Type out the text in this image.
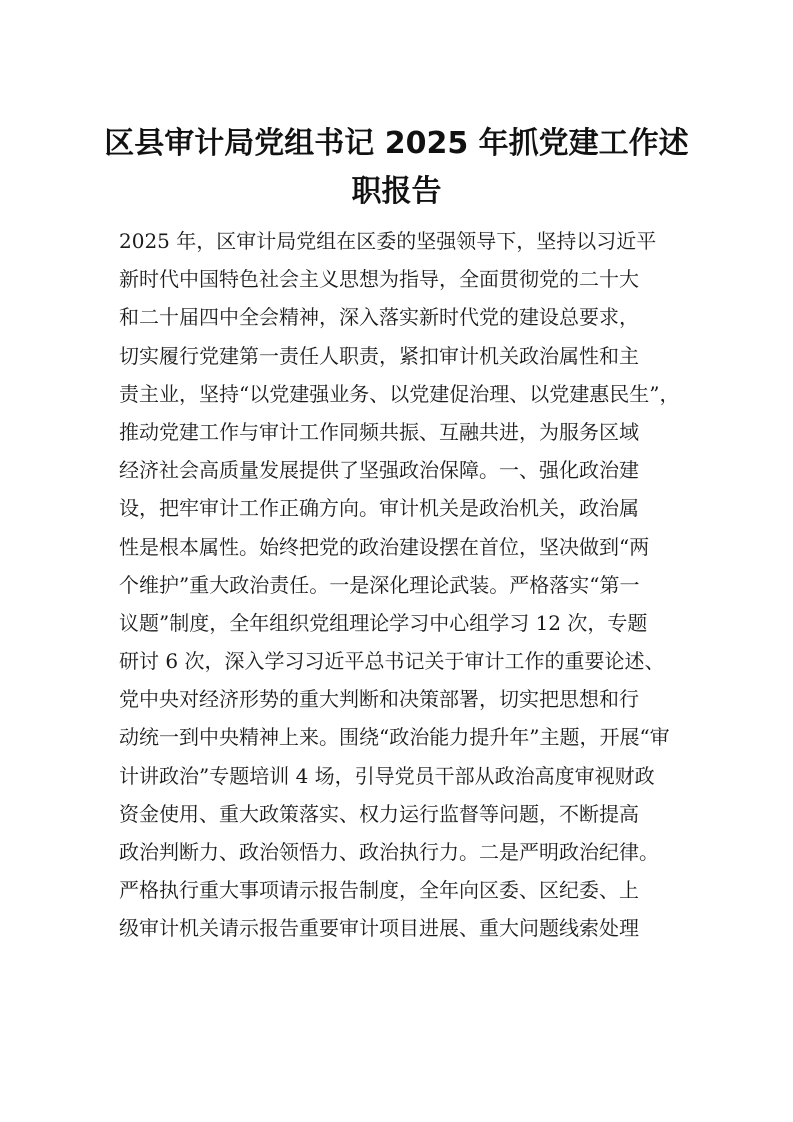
区县审计局党组书记 2025 年抓党建工作述
职报告
2025 年，区审计局党组在区委的坚强领导下，坚持以习近平
新时代中国特色社会主义思想为指导，全面贯彻党的二十大
和二十届四中全会精神，深入落实新时代党的建设总要求，
切实履行党建第一责任人职责，紧扣审计机关政治属性和主
责主业，坚持“以党建强业务、以党建促治理、以党建惠民生”，
推动党建工作与审计工作同频共振、互融共进，为服务区域
经济社会高质量发展提供了坚强政治保障。一、强化政治建
设，把牢审计工作正确方向。审计机关是政治机关，政治属
性是根本属性。始终把党的政治建设摆在首位，坚决做到“两
个维护”重大政治责任。一是深化理论武装。严格落实“第一
议题”制度，全年组织党组理论学习中心组学习 12 次，专题
研讨 6 次，深入学习习近平总书记关于审计工作的重要论述、
党中央对经济形势的重大判断和决策部署，切实把思想和行
动统一到中央精神上来。围绕“政治能力提升年”主题，开展“审
计讲政治”专题培训 4 场，引导党员干部从政治高度审视财政
资金使用、重大政策落实、权力运行监督等问题，不断提高
政治判断力、政治领悟力、政治执行力。二是严明政治纪律。
严格执行重大事项请示报告制度，全年向区委、区纪委、上
级审计机关请示报告重要审计项目进展、重大问题线索处理
